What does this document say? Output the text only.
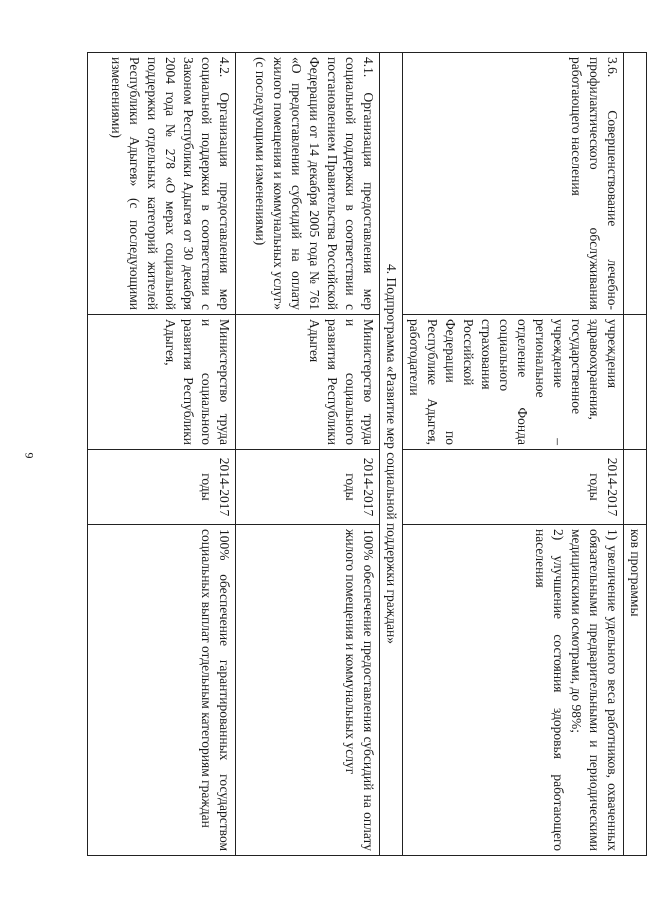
9
			ков программы
3.6. Совершенствование лечебно-профилактического обслуживания работающего населения	учреждения здравоохранения, государственное учреждение – региональное отделение Фонда социального страхования Российской Федерации по Республике Адыгея, работодатели	2014-2017 годы	1) увеличение удельного веса работников, охваченных обязательными предварительными и периодическими медицинскими осмотрами, до 98%;
2) улучшение состояния здоровья работающего населения

4. Подпрограмма «Развитие мер социальной поддержки граждан»			
4.1. Организация предоставления мер социальной поддержки в соответствии с постановлением Правительства Российской Федерации от 14 декабря 2005 года № 761 «О предоставлении субсидий на оплату жилого помещения и коммунальных услуг» (с последующими изменениями)	Министерство труда и социального развития Республики Адыгея	2014-2017 годы	100% обеспечение предоставления субсидий на оплату жилого помещения и коммунальных услуг
4.2. Организация предоставления мер социальной поддержки в соответствии с Законом Республики Адыгея от 30 декабря 2004 года № 278 «О мерах социальной поддержки отдельных категорий жителей Республики Адыгея» (с последующими изменениями)	Министерство труда и социального развития Республики Адыгея,	2014-2017 годы	100% обеспечение гарантированных государством социальных выплат отдельным категориям граждан
